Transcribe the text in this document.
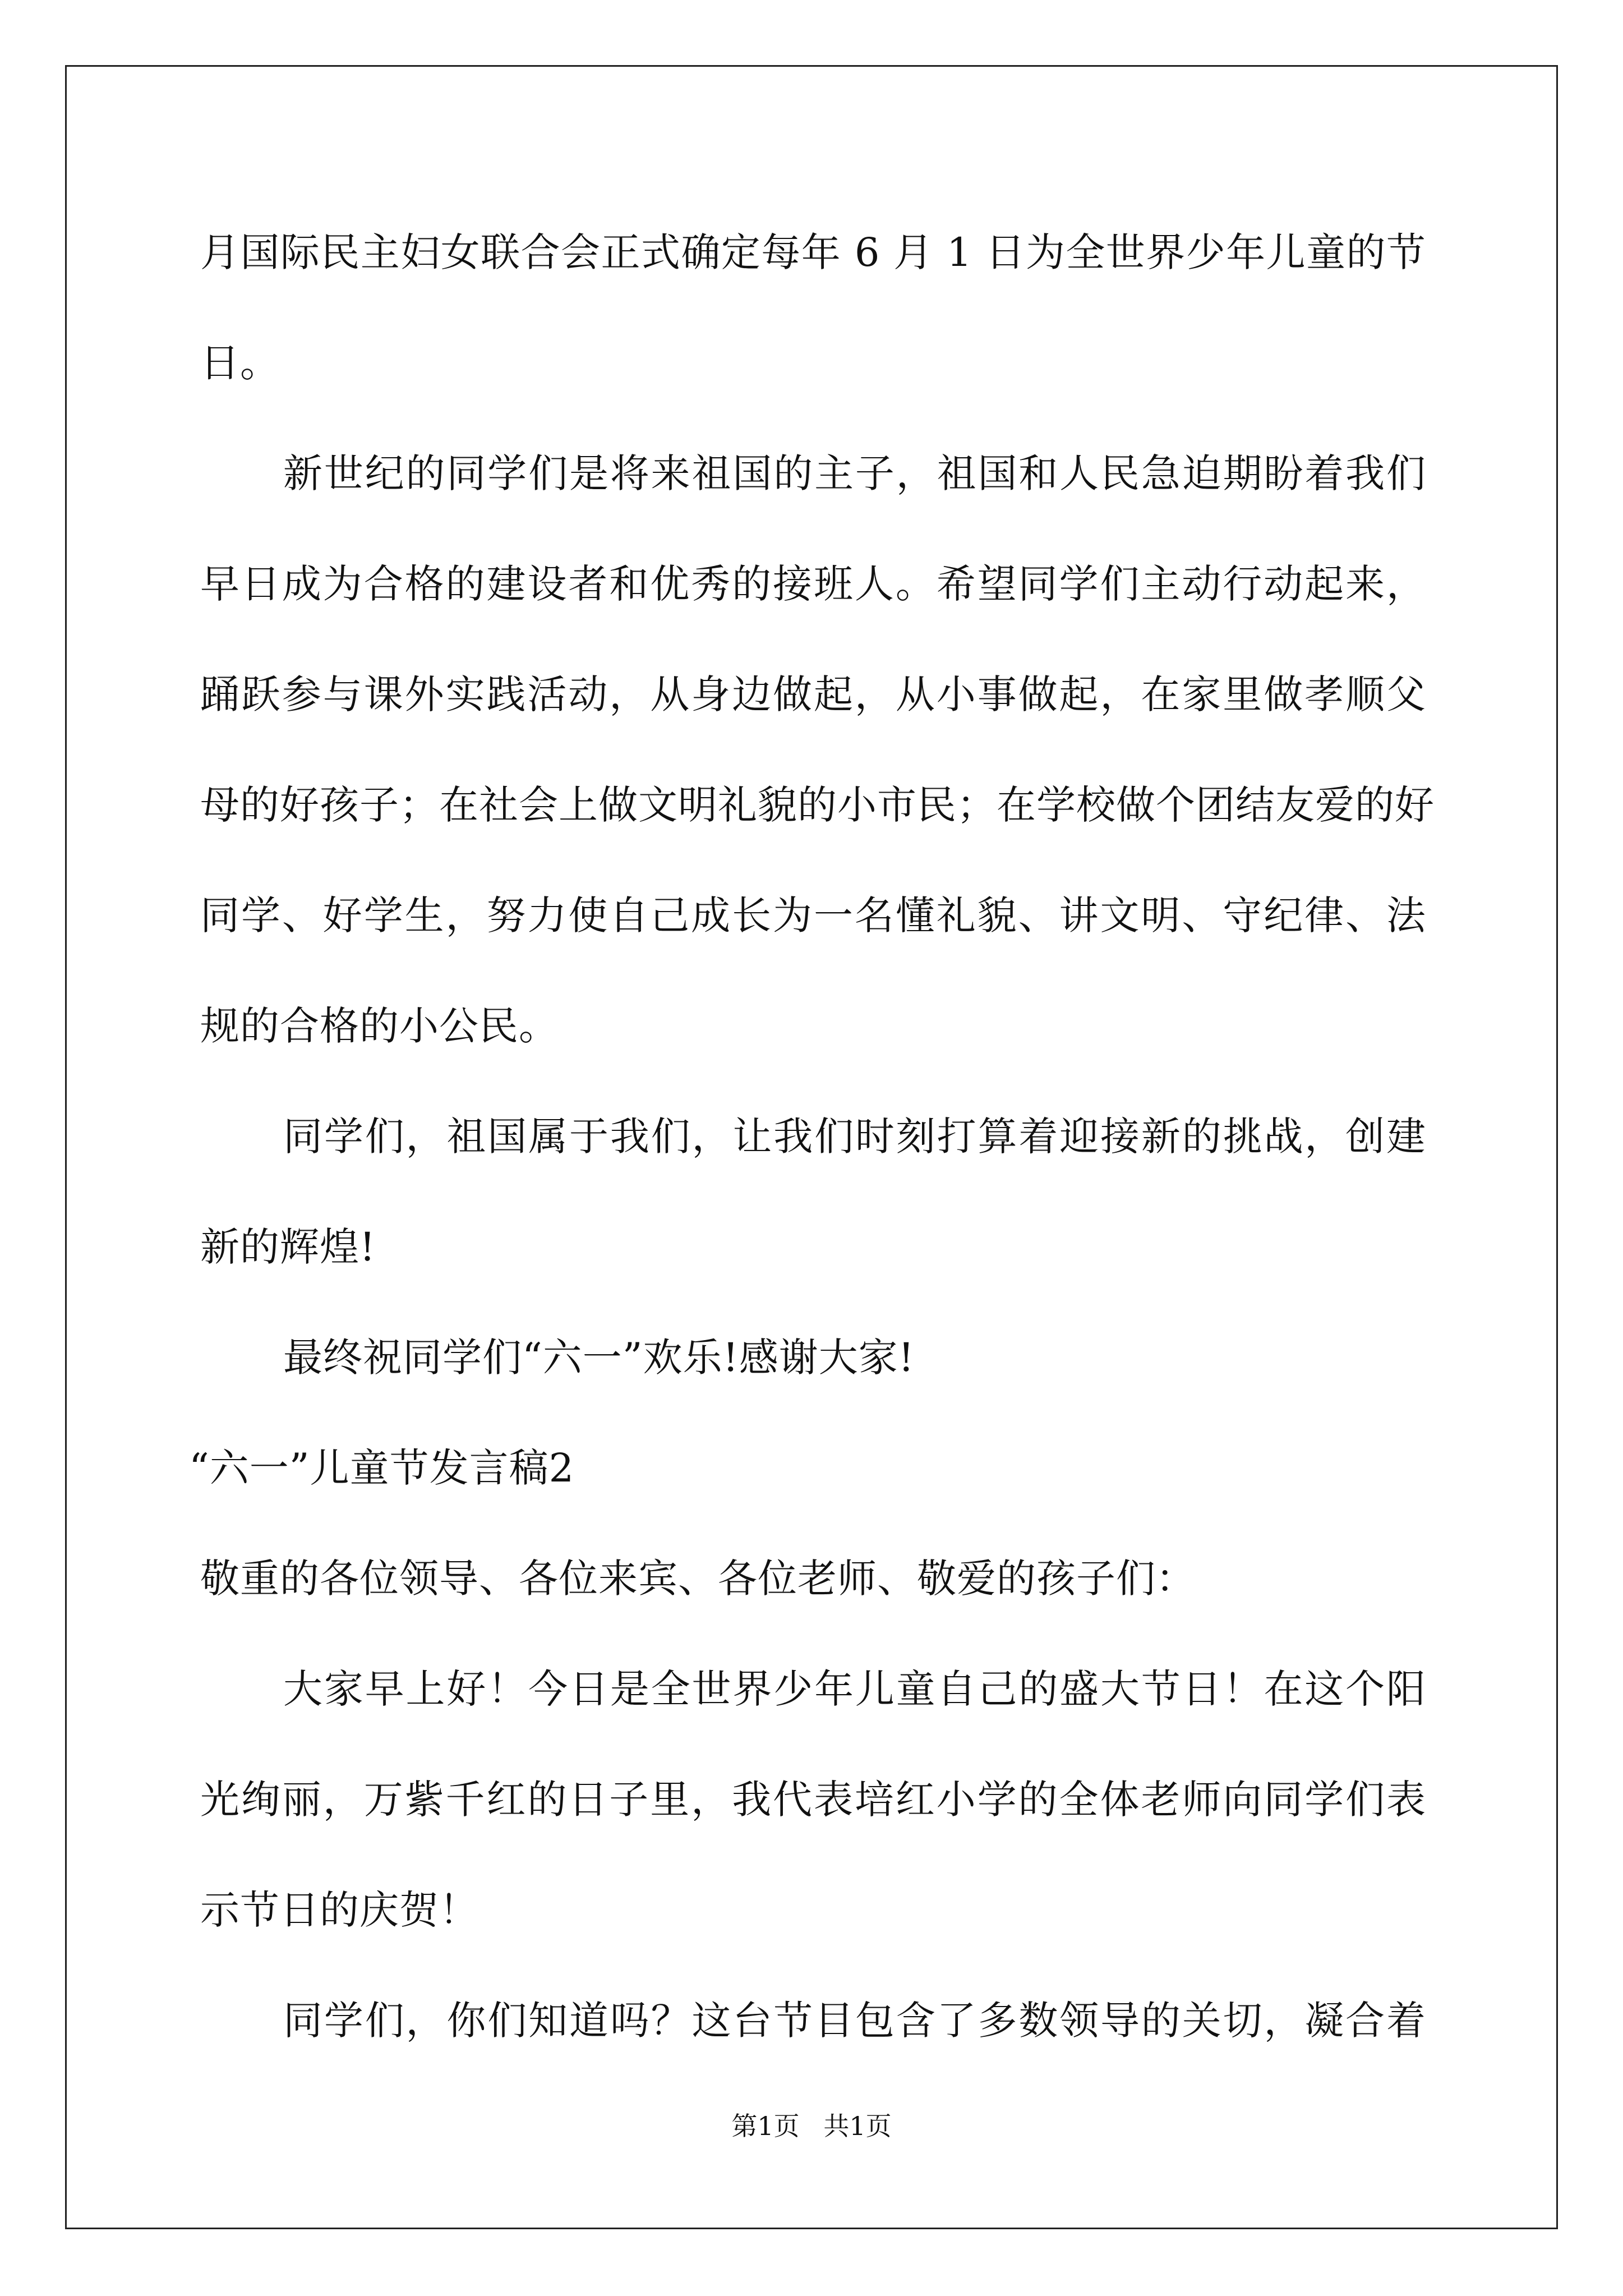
月国际民主妇女联合会正式确定每年 6 月 1 日为全世界少年儿童的节
日。
新世纪的同学们是将来祖国的主子，祖国和人民急迫期盼着我们
早日成为合格的建设者和优秀的接班人。希望同学们主动行动起来，
踊跃参与课外实践活动，从身边做起，从小事做起，在家里做孝顺父
母的好孩子；在社会上做文明礼貌的小市民；在学校做个团结友爱的好
同学、好学生，努力使自己成长为一名懂礼貌、讲文明、守纪律、法
规的合格的小公民。
同学们，祖国属于我们，让我们时刻打算着迎接新的挑战，创建
新的辉煌!
最终祝同学们“六一”欢乐!感谢大家!
“六一”儿童节发言稿2
敬重的各位领导、各位来宾、各位老师、敬爱的孩子们：
大家早上好！今日是全世界少年儿童自己的盛大节日！在这个阳
光绚丽，万紫千红的日子里，我代表培红小学的全体老师向同学们表
示节日的庆贺！
同学们，你们知道吗？这台节目包含了多数领导的关切，凝合着
第1页 共1页
